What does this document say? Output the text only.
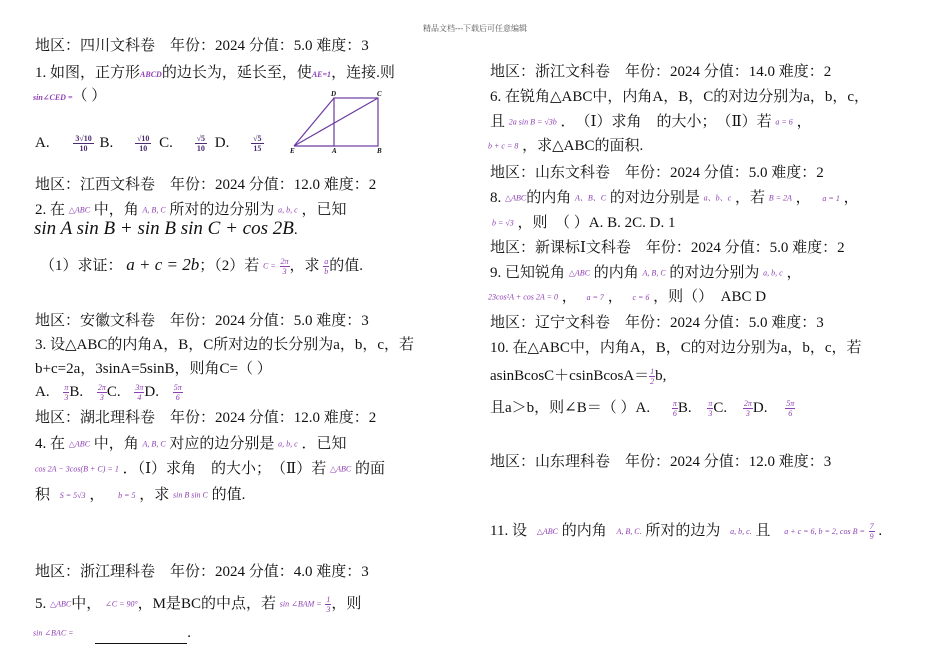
精品文档---下载后可任意编辑
地区：四川文科卷　年份：2024 分值：5.0 难度：3
1. 如图，正方形ABCD的边长为，延长至，使AE=1，连接.则
sin∠CED =（ ）	D	C
E	A	B
A.	$\frac{3√10}{10} B$.	$\frac{√10}{10} C$.	$\frac{√5}{10} D$.	$\frac{√5}{15}$
地区：江西文科卷　年份：2024 分值：12.0 难度：2
2. 在 △ABC 中，角 A, B, C 所对的边分别为 a, b, c ，已知
sin A sin B + sin B sin C + cos 2B.
（1）求证： a + c = 2b；（2）若 $C = \frac{2\pi}{3}$ ，求 $\frac{a}{b}$ 的值.
地区：安徽文科卷　年份：2024 分值：5.0 难度：3
3. 设△ABC的内角A，B，C所对边的长分别为a，b，c，若
b+c=2a，3sinA=5sinB，则角C=（ ）
A. $\frac{\pi}{3} B$. $\frac{2\pi}{3} C$. $\frac{3\pi}{4} D$. $\frac{5\pi}{6}$
地区：湖北理科卷　年份：2024 分值：12.0 难度：2
4. 在 △ABC 中，角 A, B, C 对应的边分别是 a, b, c ．已知
cos 2A − 3cos(B + C) = 1 ．（Ⅰ）求角　的大小；　（Ⅱ）若 △ABC 的面
积 S = 5√3 ， b = 5 ，求 sin B sin C 的值.
地区：浙江理科卷　年份：2024 分值：4.0 难度：3
5. △ABC中， ∠C = 90°，M是BC的中点，若 sin ∠BAM = $\frac{1}{3}$ ，则
sin ∠BAC =	.
地区：浙江文科卷　年份：2024 分值：14.0 难度：2
6. 在锐角△ABC中，内角A，B，C的对边分别为a，b，c，
且 2a sin B = √3b ．　（Ⅰ）求角　的大小；　（Ⅱ）若 a = 6 ，
b + c = 8 ，求△ABC的面积.
地区：山东文科卷　年份：2024 分值：5.0 难度：2
8. △ABC的内角 A、B、C 的对边分别是 a、b、c ，若 B = 2A ， a = 1 ，
b = √3 ，则　（ ）A. B. 2C. D. 1
地区：新课标Ⅰ文科卷　年份：2024 分值：5.0 难度：2
9. 已知锐角 △ABC 的内角 A, B, C 的对边分别为 a, b, c ，
23cos²A + cos 2A = 0 ， a = 7 ， c = 6 ，则（）　ABC D
地区：辽宁文科卷　年份：2024 分值：5.0 难度：3
10. 在△ABC中，内角A，B，C的对边分别为a，b，c，若
asinBcosC＋csinBcosA＝ $\frac{1}{2} b$,
且a＞b，则∠B＝（ ）A.	$\frac{\pi}{6} B$. $\frac{\pi}{3} C$. $\frac{2\pi}{3} D$. $\frac{5\pi}{6}$
地区：山东理科卷　年份：2024 分值：12.0 难度：3
11. 设 △ABC 的内角 A, B, C. 所对的边为 a, b, c. 且 a + c = 6, b = 2, $\cos B = \frac{7}{9}$ .
